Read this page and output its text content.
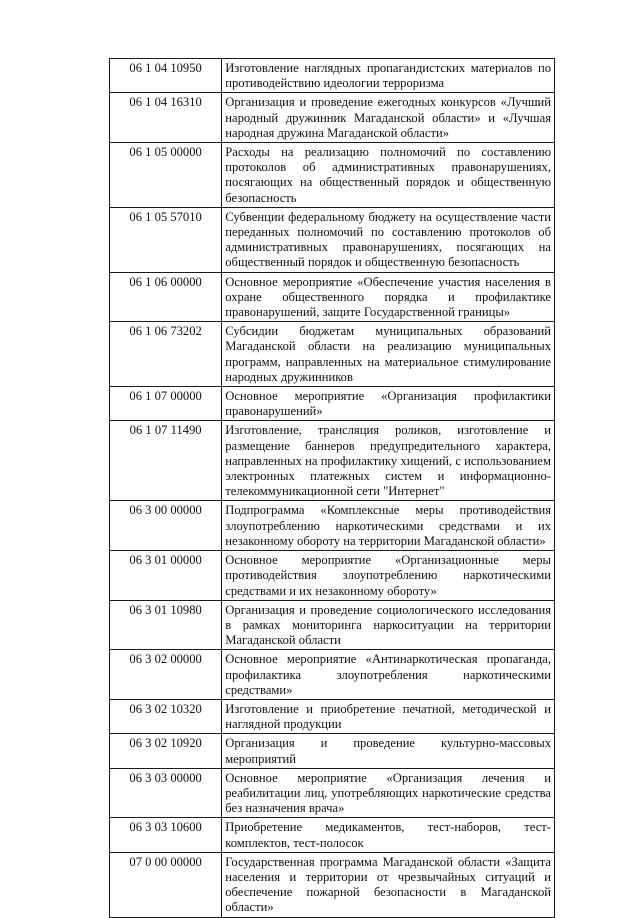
06 1 04 10950	Изготовление наглядных пропагандистских материалов по противодействию идеологии терроризма
06 1 04 16310	Организация и проведение ежегодных конкурсов «Лучший народный дружинник Магаданской области» и «Лучшая народная дружина Магаданской области»
06 1 05 00000	Расходы на реализацию полномочий по составлению протоколов об административных правонарушениях, посягающих на общественный порядок и общественную безопасность
06 1 05 57010	Субвенции федеральному бюджету на осуществление части переданных полномочий по составлению протоколов об административных правонарушениях, посягающих на общественный порядок и общественную безопасность
06 1 06 00000	Основное мероприятие «Обеспечение участия населения в охране общественного порядка и профилактике правонарушений, защите Государственной границы»
06 1 06 73202	Субсидии бюджетам муниципальных образований Магаданской области на реализацию муниципальных программ, направленных на материальное стимулирование народных дружинников
06 1 07 00000	Основное мероприятие «Организация профилактики правонарушений»
06 1 07 11490	Изготовление, трансляция роликов, изготовление и размещение баннеров предупредительного характера, направленных на профилактику хищений, с использованием электронных платежных систем и информационно-телекоммуникационной сети "Интернет"
06 3 00 00000	Подпрограмма «Комплексные меры противодействия злоупотреблению наркотическими средствами и их незаконному обороту на территории Магаданской области»
06 3 01 00000	Основное мероприятие «Организационные меры противодействия злоупотреблению наркотическими средствами и их незаконному обороту»
06 3 01 10980	Организация и проведение социологического исследования в рамках мониторинга наркоситуации на территории Магаданской области
06 3 02 00000	Основное мероприятие «Антинаркотическая пропаганда, профилактика злоупотребления наркотическими средствами»
06 3 02 10320	Изготовление и приобретение печатной, методической и наглядной продукции
06 3 02 10920	Организация и проведение культурно-массовых мероприятий
06 3 03 00000	Основное мероприятие «Организация лечения и реабилитации лиц, употребляющих наркотические средства без назначения врача»
06 3 03 10600	Приобретение медикаментов, тест-наборов, тест-комплектов, тест-полосок
07 0 00 00000	Государственная программа Магаданской области «Защита населения и территории от чрезвычайных ситуаций и обеспечение пожарной безопасности в Магаданской области»
